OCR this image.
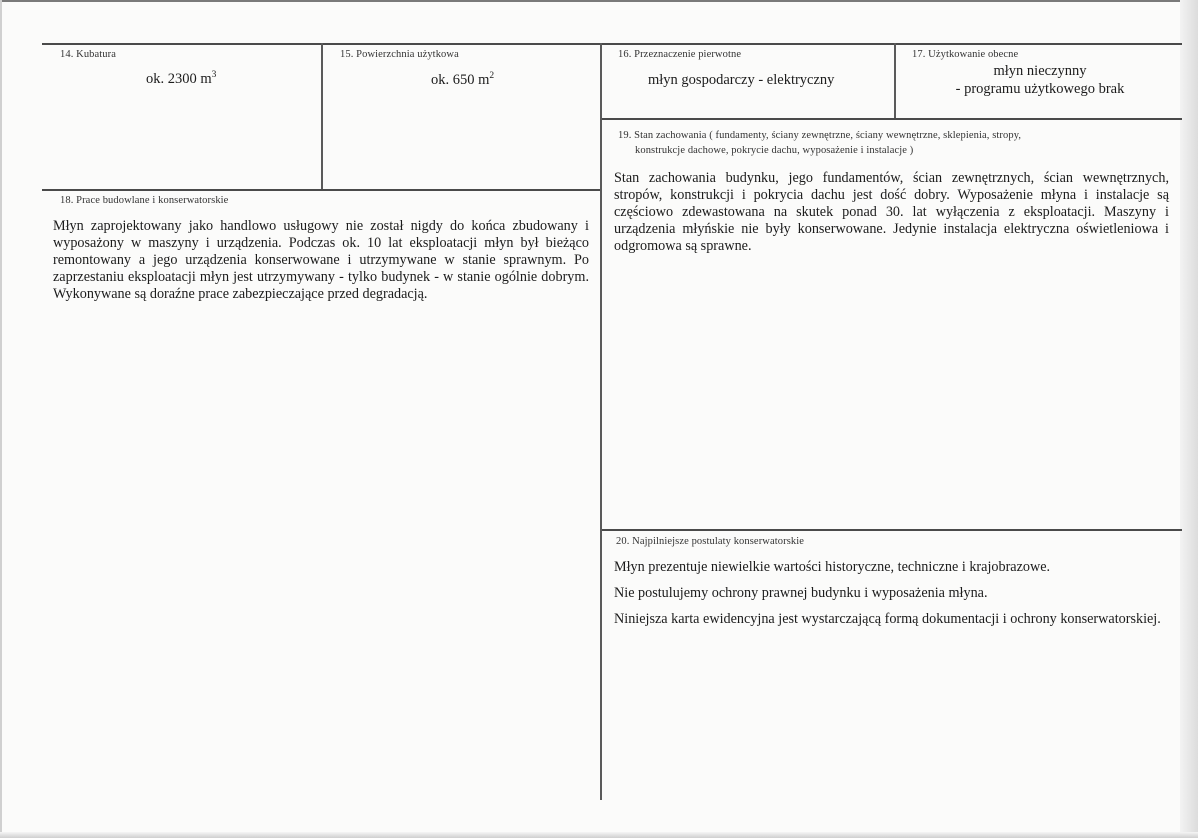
14. Kubatura
ok. 2300 $m^3$
15. Powierzchnia użytkowa
ok. 650 $m^2$
16. Przeznaczenie pierwotne
młyn gospodarczy - elektryczny
17. Użytkowanie obecne
młyn nieczynny
- programu użytkowego brak
18. Prace budowlane i konserwatorskie
Młyn zaprojektowany jako handlowo usługowy nie został nigdy do końca zbudowany i wyposażony w maszyny i urządzenia. Podczas ok. 10 lat eksploatacji młyn był bieżąco remontowany a jego urządzenia konserwowane i utrzymywane w stanie sprawnym. Po zaprzestaniu eksploatacji młyn jest utrzymywany - tylko budynek - w stanie ogólnie dobrym. Wykonywane są doraźne prace zabezpieczające przed degradacją.
19. Stan zachowania ( fundamenty, ściany zewnętrzne, ściany wewnętrzne, sklepienia, stropy,
konstrukcje dachowe, pokrycie dachu, wyposażenie i instalacje )
Stan zachowania budynku, jego fundamentów, ścian zewnętrznych, ścian wewnętrznych, stropów, konstrukcji i pokrycia dachu jest dość dobry. Wyposażenie młyna i instalacje są częściowo zdewastowana na skutek ponad 30. lat wyłączenia z eksploatacji. Maszyny i urządzenia młyńskie nie były konserwowane. Jedynie instalacja elektryczna oświetleniowa i odgromowa są sprawne.
20. Najpilniejsze postulaty konserwatorskie

Młyn prezentuje niewielkie wartości historyczne, techniczne i krajobrazowe.

Nie postulujemy ochrony prawnej budynku i wyposażenia młyna.

Niniejsza karta ewidencyjna jest wystarczającą formą dokumentacji i ochrony konserwatorskiej.
